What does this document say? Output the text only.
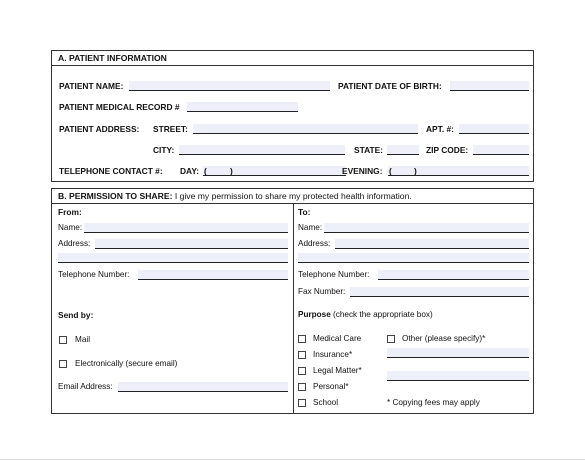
A. PATIENT INFORMATION
PATIENT NAME:	PATIENT DATE OF BIRTH:
PATIENT MEDICAL RECORD #
PATIENT ADDRESS: STREET:	APT. #:
CITY:	STATE:	ZIP CODE:
TELEPHONE CONTACT #: DAY: (	)	EVENING: (	)
B. PERMISSION TO SHARE: I give my permission to share my protected health information.
From:
Name:
Address:
Telephone Number:
Send by:
Mail
Electronically (secure email)
Email Address:
To:
Name:
Address:
Telephone Number:
Fax Number:
Purpose (check the appropriate box)
Medical Care
Insurance*
Legal Matter*
Personal*
School
Other (please specify)*
* Copying fees may apply
